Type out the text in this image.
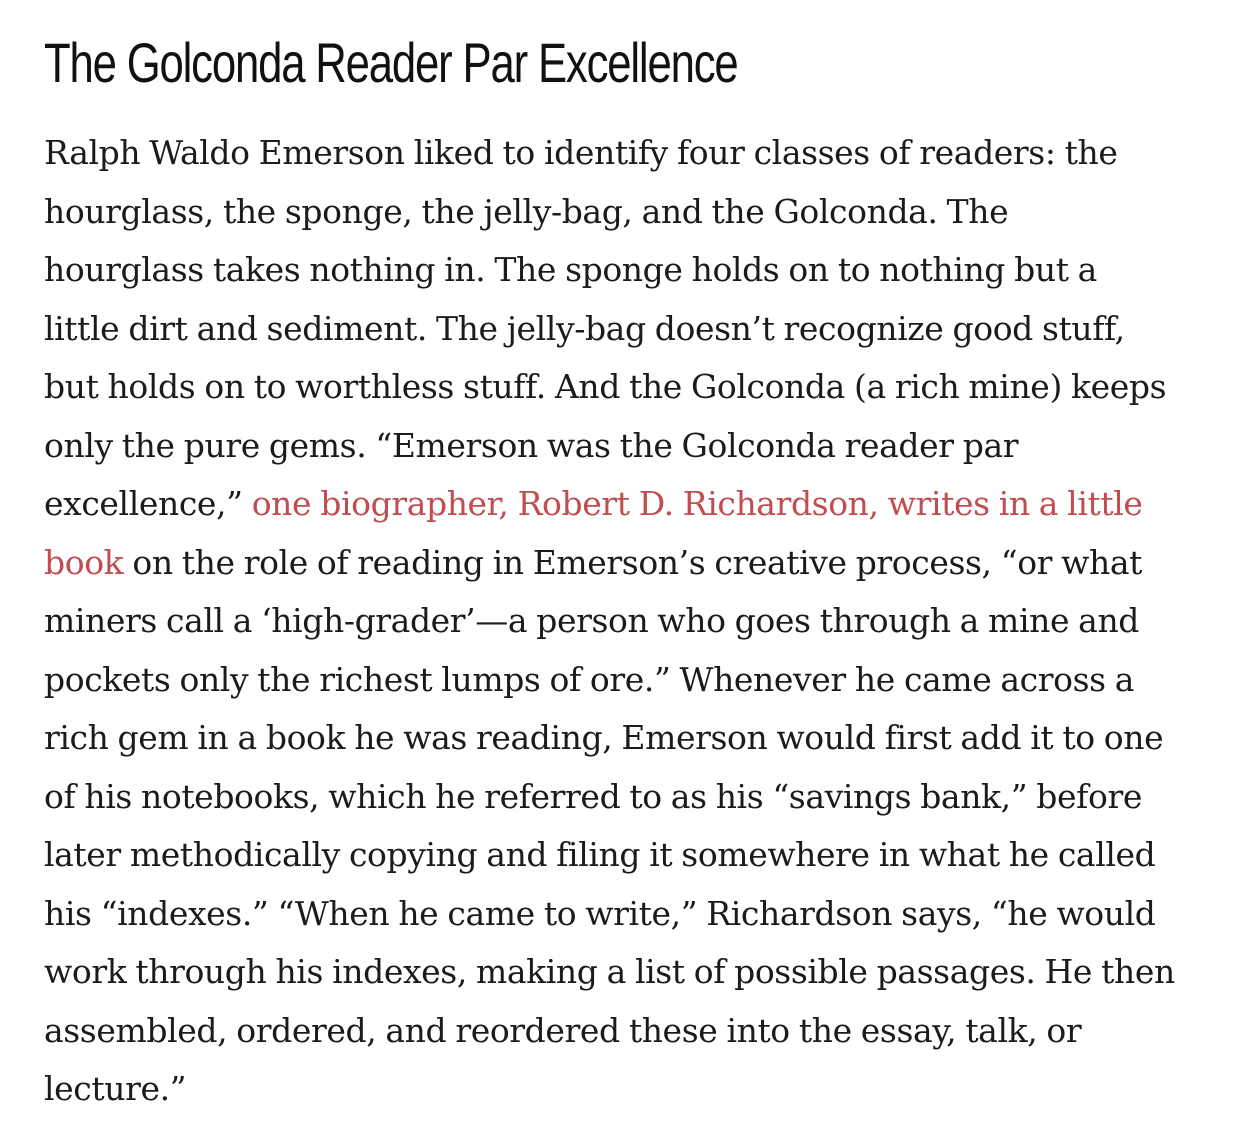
The Golconda Reader Par Excellence

Ralph Waldo Emerson liked to identify four classes of readers: the
hourglass, the sponge, the jelly-bag, and the Golconda. The
hourglass takes nothing in. The sponge holds on to nothing but a
little dirt and sediment. The jelly-bag doesn’t recognize good stuff,
but holds on to worthless stuff. And the Golconda (a rich mine) keeps
only the pure gems. “Emerson was the Golconda reader par
excellence,” one biographer, Robert D. Richardson, writes in a little
book on the role of reading in Emerson’s creative process, “or what
miners call a ‘high-grader’—a person who goes through a mine and
pockets only the richest lumps of ore.” Whenever he came across a
rich gem in a book he was reading, Emerson would first add it to one
of his notebooks, which he referred to as his “savings bank,” before
later methodically copying and filing it somewhere in what he called
his “indexes.” “When he came to write,” Richardson says, “he would
work through his indexes, making a list of possible passages. He then
assembled, ordered, and reordered these into the essay, talk, or
lecture.”
